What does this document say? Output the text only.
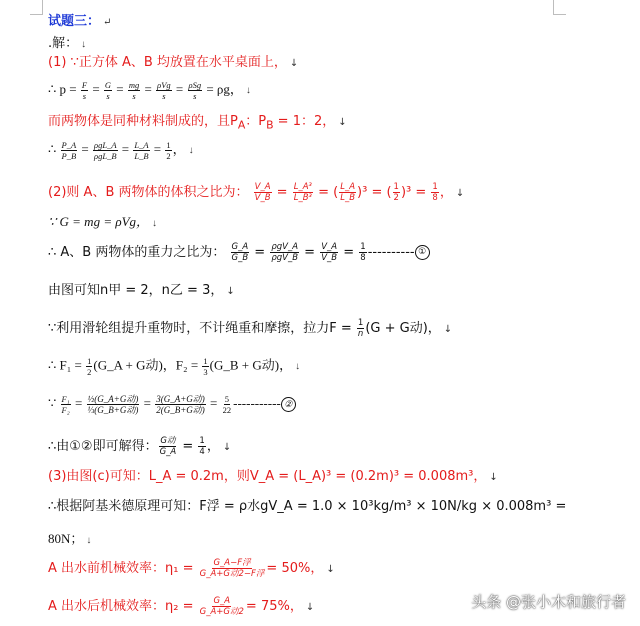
试题三： ↵
.解： ↓
(1) ∵正方体 A、B 均放置在水平桌面上， ↓
∴ $p = \frac{F}{s} = \frac{G}{s} = \frac{mg}{s} = \rho Vg$
s = ρSg
s = ρg， ↓
而两物体是同种材料制成的，且$P_A$：$P_B = 1$：2， ↓
∴ $\frac{P\_A}{P\_B}$ = ρgL_A
ρgL_B = $\frac{L\_A}{L\_B} = \frac{1}{2}$ ， ↓
(2)则 A、B 两物体的体积之比为： $\frac{V\_A}{V\_B} = \frac{\text{L\_A³}}{\text{L\_B³}}$ = ( $\frac{L\_A}{L\_B} )^3$ = ( $\frac{1}{2} )^3 = \frac{1}{8}$ ， ↓
∵ G = mg = ρVg， ↓
∴ A、B 两物体的重力之比为： $\frac{G\_A}{G\_B}$ = ρgV_A
ρgV_B = $\frac{V\_A}{V\_B} = \frac{1}{8}$ ---------- ①
由图可知n甲 = 2，n乙 = 3， ↓
∵利用滑轮组提升重物时，不计绳重和摩擦，拉力$F = \frac{1}{n} (G + G$动)， ↓
∴ $F_1 = \frac{1}{2}$ (G_A + G动)，$F_2 = \frac{1}{3}$ (G_B + G动)， ↓
∵ $\frac{\text{F₁}}{\text{F₂}}$ = ½(G_A+G动)
⅓(G_B+G动) = 3(G_A+G动)
2(G_B+G动) = $\frac{5}{22}$ ----------- ②
∴由①②即可解得： G动
G_A = $\frac{1}{4}$ ， ↓
(3)由图(c)可知：L_A = 0.2m，则V_A = (L_A)³ = (0.2m)³ = 0.008m³， ↓
∴根据阿基米德原理可知：F浮 = ρ水gV_A = 1.0 × 10³kg/m³ × 10N/kg × 0.008m³ =
80N； ↓
A 出水前机械效率：η₁ = G_A−F浮
G_A+G动2−F浮 = 50%， ↓
A 出水后机械效率：η₂ = G_A
G_A+G动2 = 75%， ↓	头条 @张小木和旅行者
